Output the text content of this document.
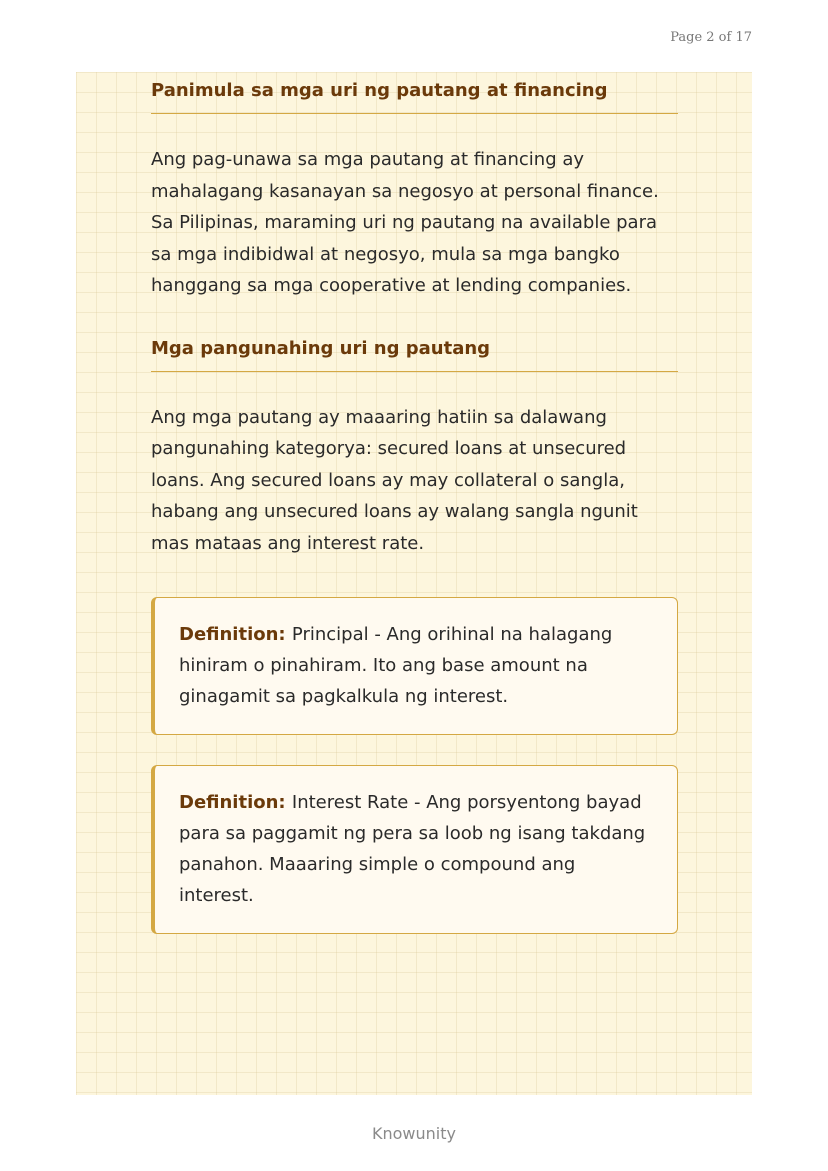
Page 2 of 17
Panimula sa mga uri ng pautang at financing

Ang pag-unawa sa mga pautang at financing ay mahalagang kasanayan sa negosyo at personal finance. Sa Pilipinas, maraming uri ng pautang na available para sa mga indibidwal at negosyo, mula sa mga bangko hanggang sa mga cooperative at lending companies.

Mga pangunahing uri ng pautang

Ang mga pautang ay maaaring hatiin sa dalawang pangunahing kategorya: secured loans at unsecured loans. Ang secured loans ay may collateral o sangla, habang ang unsecured loans ay walang sangla ngunit mas mataas ang interest rate.

Definition: Principal - Ang orihinal na halagang hiniram o pinahiram. Ito ang base amount na ginagamit sa pagkalkula ng interest.
Definition: Interest Rate - Ang porsyentong bayad para sa paggamit ng pera sa loob ng isang takdang panahon. Maaaring simple o compound ang interest.
Knowunity
